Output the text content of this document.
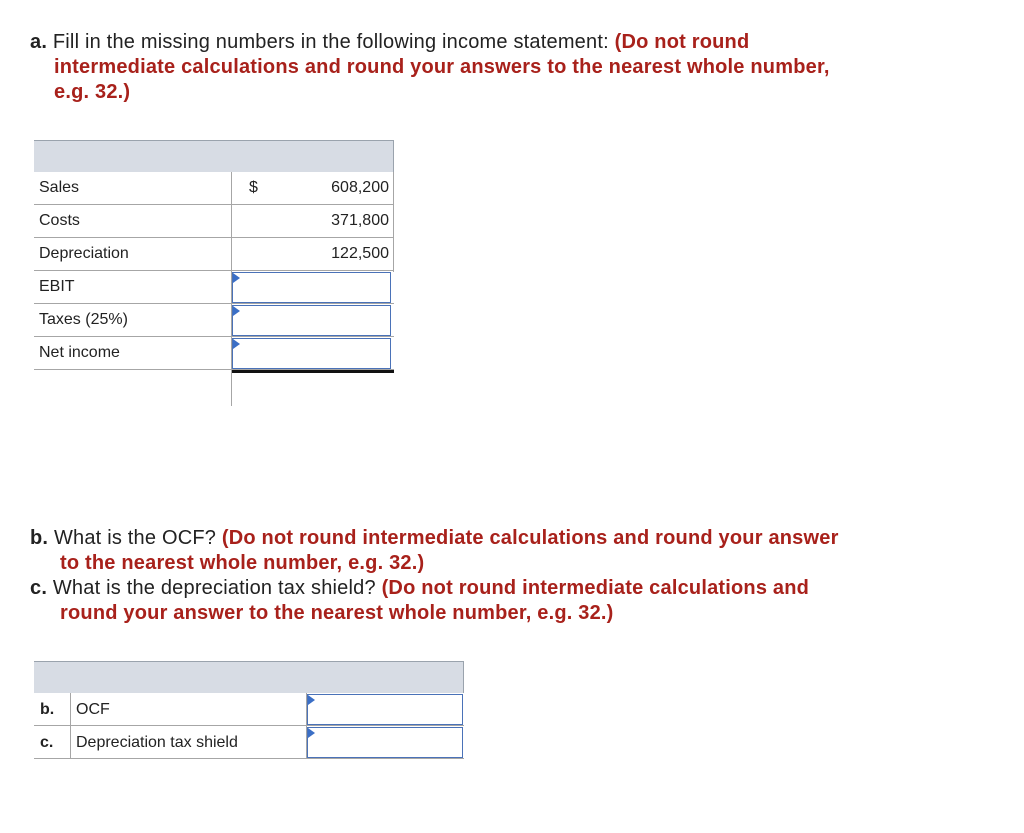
a. Fill in the missing numbers in the following income statement: (Do not round
intermediate calculations and round your answers to the nearest whole number,
e.g. 32.)
Sales	$	608,200
Costs	371,800
Depreciation	122,500
EBIT
Taxes (25%)
Net income
b. What is the OCF? (Do not round intermediate calculations and round your answer
to the nearest whole number, e.g. 32.)
c. What is the depreciation tax shield? (Do not round intermediate calculations and
round your answer to the nearest whole number, e.g. 32.)
b. OCF
c. Depreciation tax shield
